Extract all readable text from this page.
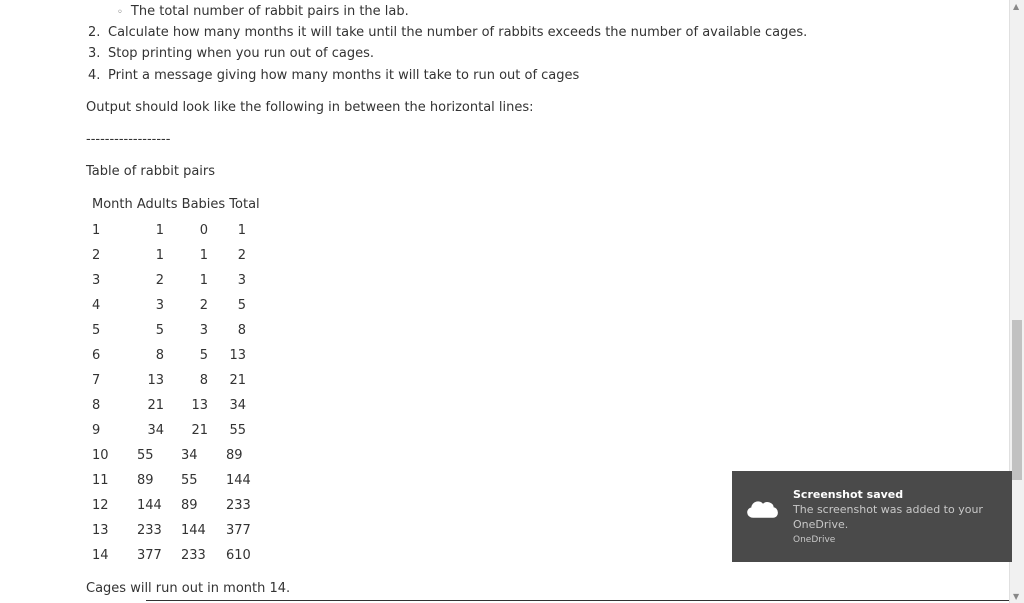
◦ The total number of rabbit pairs in the lab.
2. Calculate how many months it will take until the number of rabbits exceeds the number of available cages.
3. Stop printing when you run out of cages.
4. Print a message giving how many months it will take to run out of cages
Output should look like the following in between the horizontal lines:
------------------
Table of rabbit pairs
Month Adults Babies Total
1	1	0 1
2	1	1 2
3	2	1 3
4	3	2 5
5	5	3 8
6	8	5 13
7	13	8 21
8	21 13 34
9	34 21 55
10 55 34 89
11 89 55 144
12 144 89 233
13 233 144 377
14 377 233 610
Cages will run out in month 14.
▲
▼
Screenshot saved
The screenshot was added to your OneDrive.
OneDrive
